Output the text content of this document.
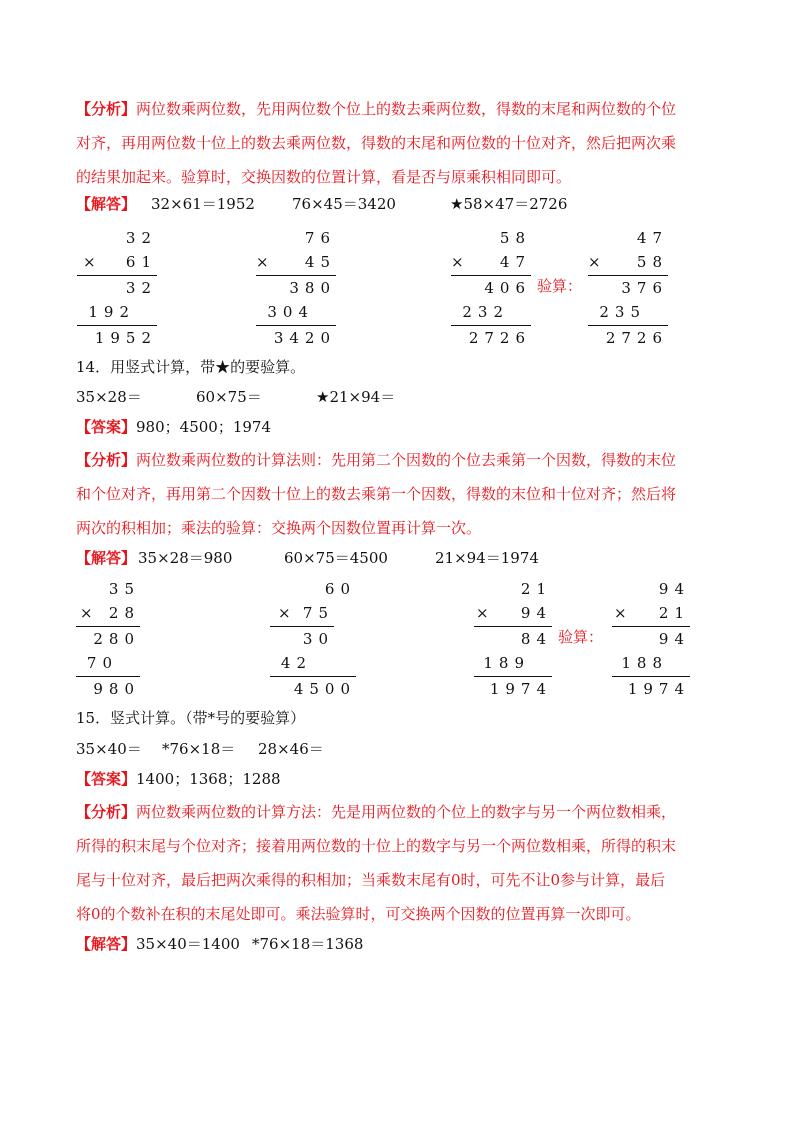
【分析】两位数乘两位数，先用两位数个位上的数去乘两位数，得数的末尾和两位数的个位
对齐，再用两位数十位上的数去乘两位数，得数的末尾和两位数的十位对齐，然后把两次乘
的结果加起来。验算时，交换因数的位置计算，看是否与原乘积相同即可。
【解答】 32×61＝1952 76×45＝3420	★58×47＝2726
32
× 61
32
192
1952
76
× 45
380
304
3420
58
× 47
406
232
2726
验算：
47
× 58
376
235
2726
14．用竖式计算，带★的要验算。
35×28＝	60×75＝	★21×94＝
【答案】980；4500；1974
【分析】两位数乘两位数的计算法则：先用第二个因数的个位去乘第一个因数，得数的末位
和个位对齐，再用第二个因数十位上的数去乘第一个因数，得数的末位和十位对齐；然后将
两次的积相加；乘法的验算：交换两个因数位置再计算一次。
【解答】 35×28＝980	60×75＝4500	21×94＝1974
35
× 28
280
70
980
60
× 75
30
42
4500
21
× 94
84
189
1974
验算：
94
× 21
94
188
1974
15．竖式计算。（带*号的要验算）
35×40＝ *76×18＝ 28×46＝
【答案】1400；1368；1288
【分析】两位数乘两位数的计算方法：先是用两位数的个位上的数字与另一个两位数相乘，
所得的积末尾与个位对齐；接着用两位数的十位上的数字与另一个两位数相乘，所得的积末
尾与十位对齐，最后把两次乘得的积相加；当乘数末尾有0时，可先不让0参与计算，最后
将0的个数补在积的末尾处即可。乘法验算时，可交换两个因数的位置再算一次即可。
【解答】 35×40＝1400 *76×18＝1368
